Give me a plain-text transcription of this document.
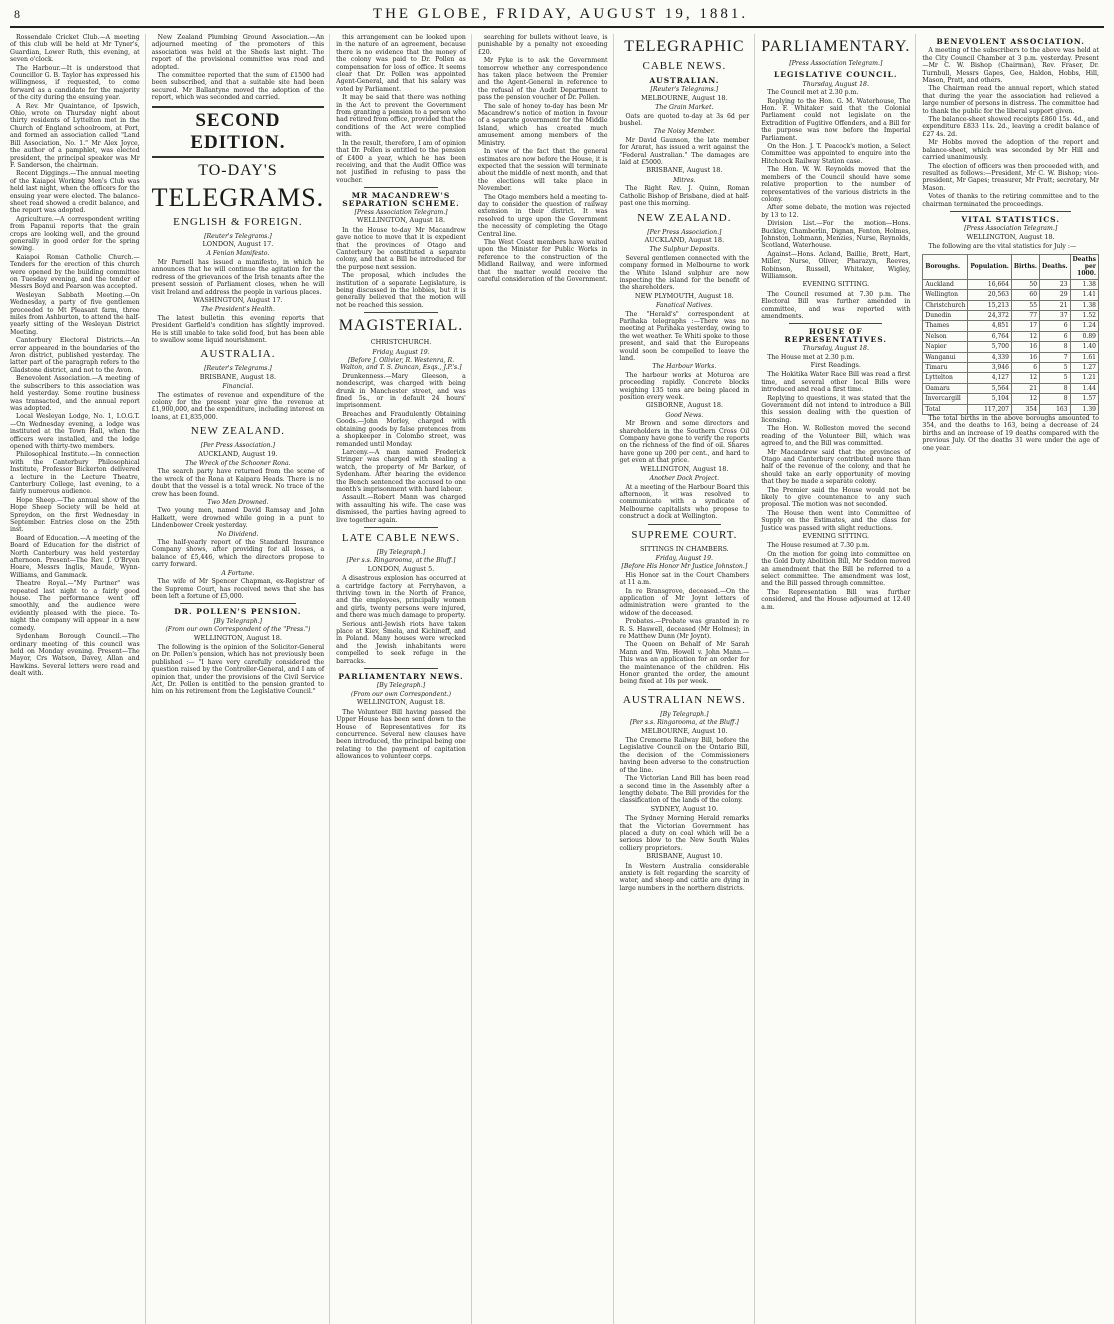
8	THE GLOBE, FRIDAY, AUGUST 19, 1881.

Rossendale Cricket Club.—A meeting of this club will be held at Mr Tyner's, Guardian, Lower Ruth, this evening, at seven o'clock.

The Harbour.—It is understood that Councillor G. B. Taylor has expressed his willingness, if requested, to come forward as a candidate for the majority of the city during the ensuing year.

A Rev. Mr Quaintance, of Ipswich, Ohio, wrote on Thursday night about thirty residents of Lyttelton met in the Church of England schoolroom, at Port, and formed an association called "Land Bill Association, No. 1." Mr Alex Joyce, the author of a pamphlet, was elected president, the principal speaker was Mr F. Sanderson, the chairman.

Recent Diggings.—The annual meeting of the Kaiapoi Working Men's Club was held last night, when the officers for the ensuing year were elected. The balance-sheet read showed a credit balance, and the report was adopted.

Agriculture.—A correspondent writing from Papanui reports that the grain crops are looking well, and the ground generally in good order for the spring sowing.

Kaiapoi Roman Catholic Church.—Tenders for the erection of this church were opened by the building committee on Tuesday evening, and the tender of Messrs Boyd and Pearson was accepted.

Wesleyan Sabbath Meeting.—On Wednesday, a party of five gentlemen proceeded to Mt Pleasant farm, three miles from Ashburton, to attend the half-yearly sitting of the Wesleyan District Meeting.

Canterbury Electoral Districts.—An error appeared in the boundaries of the Avon district, published yesterday. The latter part of the paragraph refers to the Gladstone district, and not to the Avon.

Benevolent Association.—A meeting of the subscribers to this association was held yesterday. Some routine business was transacted, and the annual report was adopted.

Local Wesleyan Lodge, No. 1, I.O.G.T.—On Wednesday evening, a lodge was instituted at the Town Hall, when the officers were installed, and the lodge opened with thirty-two members.

Philosophical Institute.—In connection with the Canterbury Philosophical Institute, Professor Bickerton delivered a lecture in the Lecture Theatre, Canterbury College, last evening, to a fairly numerous audience.

Hope Sheep.—The annual show of the Hope Sheep Society will be held at Spreydon, on the first Wednesday in September. Entries close on the 25th inst.

Board of Education.—A meeting of the Board of Education for the district of North Canterbury was held yesterday afternoon. Present—The Rev. J. O'Bryen Hoare, Messrs Inglis, Maude, Wynn-Williams, and Gammack.

Theatre Royal.—"My Partner" was repeated last night to a fairly good house. The performance went off smoothly, and the audience were evidently pleased with the piece. To-night the company will appear in a new comedy.

Sydenham Borough Council.—The ordinary meeting of this council was held on Monday evening. Present—The Mayor, Crs Watson, Davey, Allan and Hawkins. Several letters were read and dealt with.

New Zealand Plumbing Ground Association.—An adjourned meeting of the promoters of this association was held at the Sheds last night. The report of the provisional committee was read and adopted.

The committee reported that the sum of £1500 had been subscribed, and that a suitable site had been secured. Mr Ballantyne moved the adoption of the report, which was seconded and carried.

SECOND EDITION.
TO-DAY'S
TELEGRAMS.
ENGLISH & FOREIGN.
[Reuter's Telegrams.]
LONDON, August 17.
A Fenian Manifesto.

Mr Parnell has issued a manifesto, in which he announces that he will continue the agitation for the redress of the grievances of the Irish tenants after the present session of Parliament closes, when he will visit Ireland and address the people in various places.

WASHINGTON, August 17.
The President's Health.

The latest bulletin this evening reports that President Garfield's condition has slightly improved. He is still unable to take solid food, but has been able to swallow some liquid nourishment.

AUSTRALIA.
[Reuter's Telegrams.]
BRISBANE, August 18.
Financial.

The estimates of revenue and expenditure of the colony for the present year give the revenue at £1,900,000, and the expenditure, including interest on loans, at £1,835,000.

NEW ZEALAND.
[Per Press Association.]
AUCKLAND, August 19.
The Wreck of the Schooner Rona.

The search party have returned from the scene of the wreck of the Rona at Kaipara Heads. There is no doubt that the vessel is a total wreck. No trace of the crew has been found.

Two Men Drowned.

Two young men, named David Ramsay and John Halkett, were drowned while going in a punt to Lindenbower Creek yesterday.

No Dividend.

The half-yearly report of the Standard Insurance Company shows, after providing for all losses, a balance of £5,446, which the directors propose to carry forward.

A Fortune.

The wife of Mr Spencer Chapman, ex-Registrar of the Supreme Court, has received news that she has been left a fortune of £5,000.

DR. POLLEN'S PENSION.
[By Telegraph.]
(From our own Correspondent of the "Press.")
WELLINGTON, August 18.

The following is the opinion of the Solicitor-General on Dr. Pollen's pension, which has not previously been published :— "I have very carefully considered the question raised by the Controller-General, and I am of opinion that, under the provisions of the Civil Service Act, Dr. Pollen is entitled to the pension granted to him on his retirement from the Legislative Council."

this arrangement can be looked upon in the nature of an agreement, because there is no evidence that the money of the colony was paid to Dr. Pollen as compensation for loss of office. It seems clear that Dr. Pollen was appointed Agent-General, and that his salary was voted by Parliament.

It may be said that there was nothing in the Act to prevent the Government from granting a pension to a person who had retired from office, provided that the conditions of the Act were complied with.

In the result, therefore, I am of opinion that Dr. Pollen is entitled to the pension of £400 a year, which he has been receiving, and that the Audit Office was not justified in refusing to pass the voucher.

MR MACANDREW'S SEPARATION SCHEME.
[Press Association Telegram.]
WELLINGTON, August 18.

In the House to-day Mr Macandrew gave notice to move that it is expedient that the provinces of Otago and Canterbury be constituted a separate colony, and that a Bill be introduced for the purpose next session.

The proposal, which includes the institution of a separate Legislature, is being discussed in the lobbies, but it is generally believed that the motion will not be reached this session.

MAGISTERIAL.
CHRISTCHURCH.
Friday, August 19.
[Before J. Ollivier, R. Westenra, R. Walton, and T. S. Duncan, Esqs., J.P.'s.]

Drunkenness.—Mary Gleeson, a nondescript, was charged with being drunk in Manchester street, and was fined 5s., or in default 24 hours' imprisonment.

Breaches and Fraudulently Obtaining Goods.—John Morley, charged with obtaining goods by false pretences from a shopkeeper in Colombo street, was remanded until Monday.

Larceny.—A man named Frederick Stringer was charged with stealing a watch, the property of Mr Barker, of Sydenham. After hearing the evidence the Bench sentenced the accused to one month's imprisonment with hard labour.

Assault.—Robert Mann was charged with assaulting his wife. The case was dismissed, the parties having agreed to live together again.

LATE CABLE NEWS.
[By Telegraph.]
[Per s.s. Ringarooma, at the Bluff.]
LONDON, August 5.

A disastrous explosion has occurred at a cartridge factory at Ferryhaven, a thriving town in the North of France, and the employees, principally women and girls, twenty persons were injured, and there was much damage to property.

Serious anti-Jewish riots have taken place at Kiev, Smela, and Kichineff, and in Poland. Many houses were wrecked and the Jewish inhabitants were compelled to seek refuge in the barracks.

PARLIAMENTARY NEWS.
[By Telegraph.]
(From our own Correspondent.)
WELLINGTON, August 18.

The Volunteer Bill having passed the Upper House has been sent down to the House of Representatives for its concurrence. Several new clauses have been introduced, the principal being one relating to the payment of capitation allowances to volunteer corps.

searching for bullets without leave, is punishable by a penalty not exceeding £20.

Mr Fyke is to ask the Government tomorrow whether any correspondence has taken place between the Premier and the Agent-General in reference to the refusal of the Audit Department to pass the pension voucher of Dr. Pollen.

The sale of honey to-day has been Mr Macandrew's notice of motion in favour of a separate government for the Middle Island, which has created much amusement among members of the Ministry.

In view of the fact that the general estimates are now before the House, it is expected that the session will terminate about the middle of next month, and that the elections will take place in November.

The Otago members held a meeting to-day to consider the question of railway extension in their district. It was resolved to urge upon the Government the necessity of completing the Otago Central line.

The West Coast members have waited upon the Minister for Public Works in reference to the construction of the Midland Railway, and were informed that the matter would receive the careful consideration of the Government.

TELEGRAPHIC
CABLE NEWS.
AUSTRALIAN.
[Reuter's Telegrams.]
MELBOURNE, August 18.
The Grain Market.

Oats are quoted to-day at 3s 6d per bushel.

The Noisy Member.

Mr David Gaunson, the late member for Ararat, has issued a writ against the "Federal Australian." The damages are laid at £5000.

BRISBANE, August 18.
Mitres.

The Right Rev. J. Quinn, Roman Catholic Bishop of Brisbane, died at half-past one this morning.

NEW ZEALAND.
[Per Press Association.]
AUCKLAND, August 18.
The Sulphur Deposits.

Several gentlemen connected with the company formed in Melbourne to work the White Island sulphur are now inspecting the island for the benefit of the shareholders.

NEW PLYMOUTH, August 18.
Fanatical Natives.

The "Herald's" correspondent at Parihaka telegraphs :—There was no meeting at Parihaka yesterday, owing to the wet weather. Te Whiti spoke to those present, and said that the Europeans would soon be compelled to leave the land.

The Harbour Works.

The harbour works at Moturoa are proceeding rapidly. Concrete blocks weighing 135 tons are being placed in position every week.

GISBORNE, August 18.
Good News.

Mr Brown and some directors and shareholders in the Southern Cross Oil Company have gone to verify the reports on the richness of the find of oil. Shares have gone up 200 per cent., and hard to get even at that price.

WELLINGTON, August 18.
Another Dock Project.

At a meeting of the Harbour Board this afternoon, it was resolved to communicate with a syndicate of Melbourne capitalists who propose to construct a dock at Wellington.

SUPREME COURT.
SITTINGS IN CHAMBERS.
Friday, August 19.
[Before His Honor Mr Justice Johnston.]

His Honor sat in the Court Chambers at 11 a.m.

In re Bransgrove, deceased.—On the application of Mr Joynt letters of administration were granted to the widow of the deceased.

Probates.—Probate was granted in re R. S. Haswell, deceased (Mr Holmes); in re Matthew Dunn (Mr Joynt).

The Queen on Behalf of Mr Sarah Mann and Wm. Howell v. John Mann.—This was an application for an order for the maintenance of the children. His Honor granted the order, the amount being fixed at 10s per week.

AUSTRALIAN NEWS.
[By Telegraph.]
[Per s.s. Ringarooma, at the Bluff.]
MELBOURNE, August 10.

The Cremorne Railway Bill, before the Legislative Council on the Ontario Bill, the decision of the Commissioners having been adverse to the construction of the line.

The Victorian Land Bill has been read a second time in the Assembly after a lengthy debate. The Bill provides for the classification of the lands of the colony.

SYDNEY, August 10.

The Sydney Morning Herald remarks that the Victorian Government has placed a duty on coal which will be a serious blow to the New South Wales colliery proprietors.

BRISBANE, August 10.

In Western Australia considerable anxiety is felt regarding the scarcity of water, and sheep and cattle are dying in large numbers in the northern districts.

PARLIAMENTARY.
[Press Association Telegram.]
LEGISLATIVE COUNCIL.
Thursday, August 18.

The Council met at 2.30 p.m.

Replying to the Hon. G. M. Waterhouse, The Hon. F. Whitaker said that the Colonial Parliament could not legislate on the Extradition of Fugitive Offenders, and a Bill for the purpose was now before the Imperial Parliament.

On the Hon. J. T. Peacock's motion, a Select Committee was appointed to enquire into the Hitchcock Railway Station case.

The Hon. W. W. Reynolds moved that the members of the Council should have some relative proportion to the number of representatives of the various districts in the colony.

After some debate, the motion was rejected by 13 to 12.

Division List.—For the motion—Hons. Buckley, Chamberlin, Dignan, Fenton, Holmes, Johnston, Lohmann, Menzies, Nurse, Reynolds, Scotland, Waterhouse.

Against—Hons. Acland, Baillie, Brett, Hart, Miller, Nurse, Oliver, Pharazyn, Reeves, Robinson, Russell, Whitaker, Wigley, Williamson.

EVENING SITTING.

The Council resumed at 7.30 p.m. The Electoral Bill was further amended in committee, and was reported with amendments.

HOUSE OF REPRESENTATIVES.
Thursday, August 18.

The House met at 2.30 p.m.

First Readings.

The Hokitika Water Race Bill was read a first time, and several other local Bills were introduced and read a first time.

Replying to questions, it was stated that the Government did not intend to introduce a Bill this session dealing with the question of licensing.

The Hon. W. Rolleston moved the second reading of the Volunteer Bill, which was agreed to, and the Bill was committed.

Mr Macandrew said that the provinces of Otago and Canterbury contributed more than half of the revenue of the colony, and that he should take an early opportunity of moving that they be made a separate colony.

The Premier said the House would not be likely to give countenance to any such proposal. The motion was not seconded.

The House then went into Committee of Supply on the Estimates, and the class for Justice was passed with slight reductions.

EVENING SITTING.

The House resumed at 7.30 p.m.

On the motion for going into committee on the Gold Duty Abolition Bill, Mr Seddon moved an amendment that the Bill be referred to a select committee. The amendment was lost, and the Bill passed through committee.

The Representation Bill was further considered, and the House adjourned at 12.40 a.m.

BENEVOLENT ASSOCIATION.

A meeting of the subscribers to the above was held at the City Council Chamber at 3 p.m. yesterday. Present—Mr C. W. Bishop (Chairman), Rev. Fraser, Dr. Turnbull, Messrs Gapes, Gee, Haldon, Hobbs, Hill, Mason, Pratt, and others.

The Chairman read the annual report, which stated that during the year the association had relieved a large number of persons in distress. The committee had to thank the public for the liberal support given.

The balance-sheet showed receipts £860 15s. 4d., and expenditure £833 11s. 2d., leaving a credit balance of £27 4s. 2d.

Mr Hobbs moved the adoption of the report and balance-sheet, which was seconded by Mr Hill and carried unanimously.

The election of officers was then proceeded with, and resulted as follows:—President, Mr C. W. Bishop; vice-president, Mr Gapes; treasurer, Mr Pratt; secretary, Mr Mason.

Votes of thanks to the retiring committee and to the chairman terminated the proceedings.

VITAL STATISTICS.
[Press Association Telegram.]
WELLINGTON, August 18.

The following are the vital statistics for July :—

Boroughs.	Population.	Births.	Deaths.	Deaths per 1000.
Auckland	16,664	50	23	1.38
Wellington	20,563	60	29	1.41
Christchurch	15,213	55	21	1.38
Dunedin	24,372	77	37	1.52
Thames	4,851	17	6	1.24
Nelson	6,764	12	6	0.89
Napier	5,700	16	8	1.40
Wanganui	4,339	16	7	1.61
Timaru	3,946	6	5	1.27
Lyttelton	4,127	12	5	1.21
Oamaru	5,564	21	8	1.44
Invercargill	5,104	12	8	1.57
Total	117,207	354	163	1.39

The total births in the above boroughs amounted to 354, and the deaths to 163, being a decrease of 24 births and an increase of 19 deaths compared with the previous July. Of the deaths 31 were under the age of one year.
